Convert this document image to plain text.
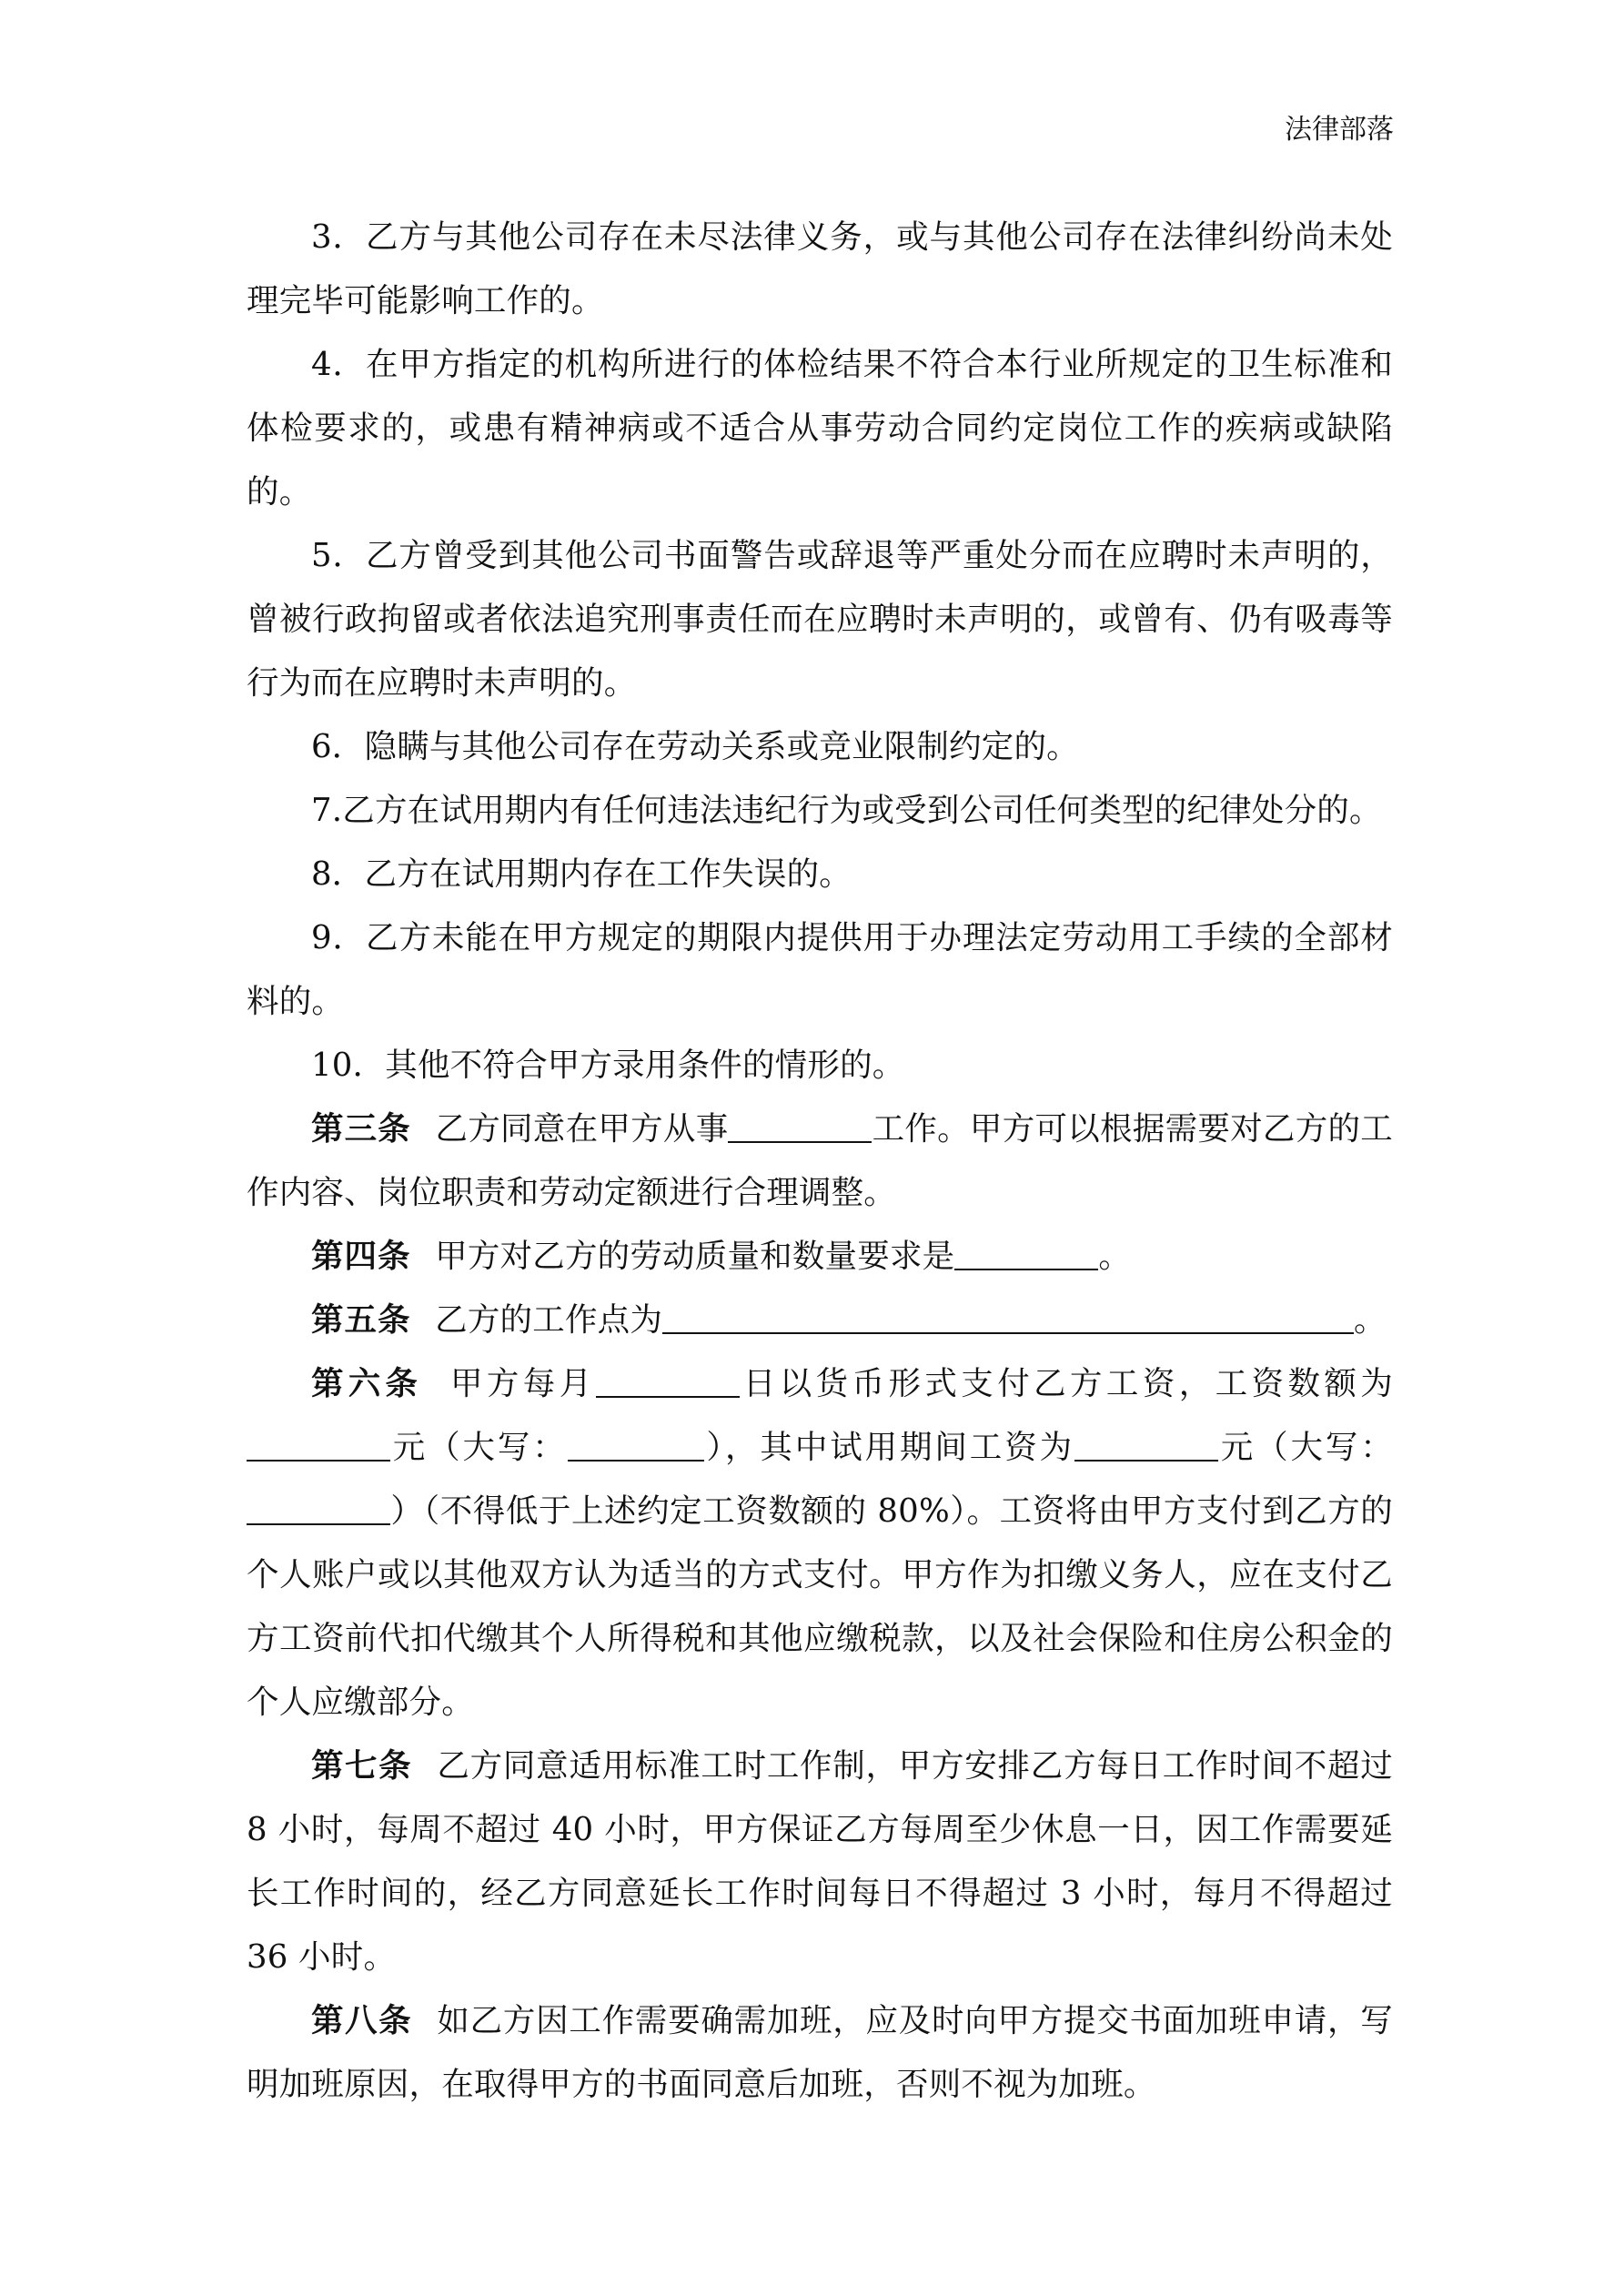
法律部落

3．乙方与其他公司存在未尽法律义务，或与其他公司存在法律纠纷尚未处理完毕可能影响工作的。

4．在甲方指定的机构所进行的体检结果不符合本行业所规定的卫生标准和体检要求的，或患有精神病或不适合从事劳动合同约定岗位工作的疾病或缺陷的。

5．乙方曾受到其他公司书面警告或辞退等严重处分而在应聘时未声明的，曾被行政拘留或者依法追究刑事责任而在应聘时未声明的，或曾有、仍有吸毒等行为而在应聘时未声明的。

6．隐瞒与其他公司存在劳动关系或竞业限制约定的。

7.乙方在试用期内有任何违法违纪行为或受到公司任何类型的纪律处分的。

8．乙方在试用期内存在工作失误的。

9．乙方未能在甲方规定的期限内提供用于办理法定劳动用工手续的全部材料的。

10．其他不符合甲方录用条件的情形的。

第三条 乙方同意在甲方从事	工作。甲方可以根据需要对乙方的工作内容、岗位职责和劳动定额进行合理调整。

第四条 甲方对乙方的劳动质量和数量要求是	。

第五条 乙方的工作点为	。

第六条 甲方每月	日以货币形式支付乙方工资，工资数额为元（大写：	），其中试用期间工资为	元（大写：）（不得低于上述约定工资数额的 80%）。工资将由甲方支付到乙方的个人账户或以其他双方认为适当的方式支付。甲方作为扣缴义务人，应在支付乙方工资前代扣代缴其个人所得税和其他应缴税款，以及社会保险和住房公积金的个人应缴部分。

第七条 乙方同意适用标准工时工作制，甲方安排乙方每日工作时间不超过 8 小时，每周不超过 40 小时，甲方保证乙方每周至少休息一日，因工作需要延长工作时间的，经乙方同意延长工作时间每日不得超过 3 小时，每月不得超过 36 小时。

第八条 如乙方因工作需要确需加班，应及时向甲方提交书面加班申请，写明加班原因，在取得甲方的书面同意后加班，否则不视为加班。
